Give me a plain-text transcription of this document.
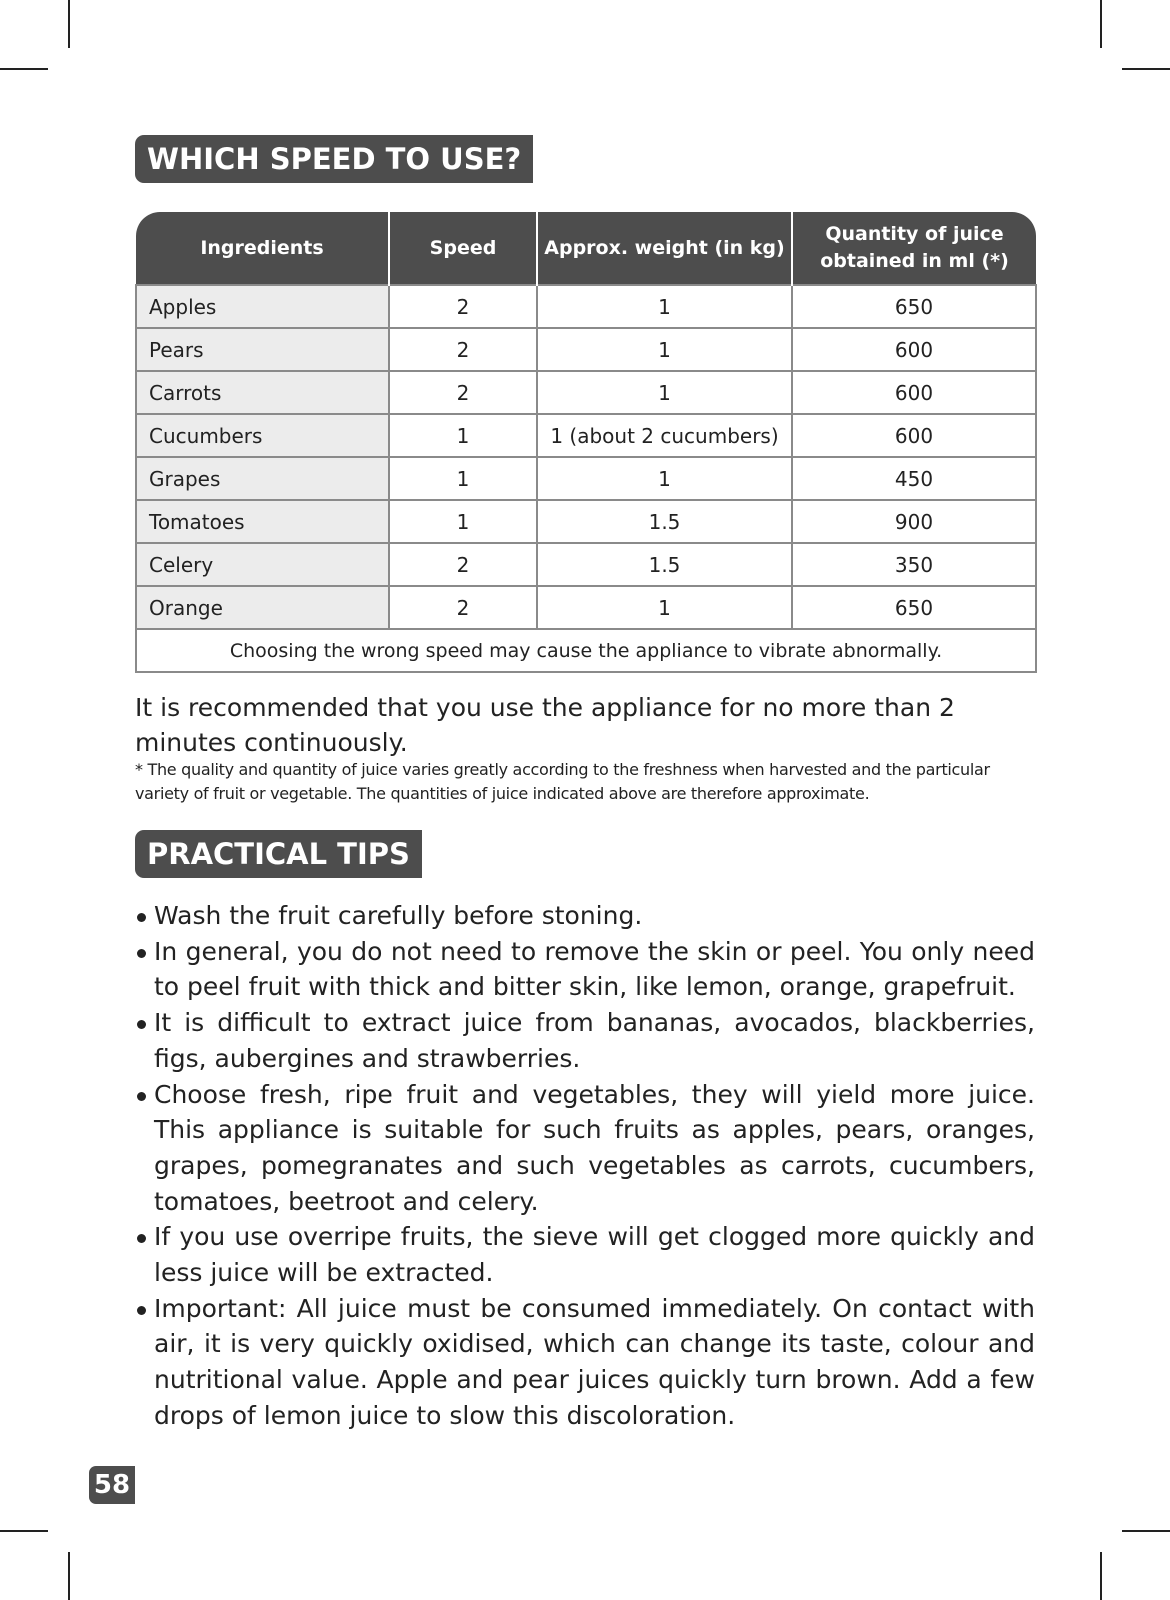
WHICH SPEED TO USE?
Ingredients	Speed	Approx. weight (in kg)	Quantity of juice obtained in ml (*)
Apples	2	1	650
Pears	2	1	600
Carrots	2	1	600
Cucumbers	1	1 (about 2 cucumbers)	600
Grapes	1	1	450
Tomatoes	1	1.5	900
Celery	2	1.5	350
Orange	2	1	650
Choosing the wrong speed may cause the appliance to vibrate abnormally.			
It is recommended that you use the appliance for no more than 2 minutes continuously.
* The quality and quantity of juice varies greatly according to the freshness when harvested and the particular variety of fruit or vegetable. The quantities of juice indicated above are therefore approximate.
PRACTICAL TIPS
Wash the fruit carefully before stoning.
In general, you do not need to remove the skin or peel. You only need to peel fruit with thick and bitter skin, like lemon, orange, grapefruit.
It is difficult to extract juice from bananas, avocados, blackberries, figs, aubergines and strawberries.
Choose fresh, ripe fruit and vegetables, they will yield more juice. This appliance is suitable for such fruits as apples, pears, oranges, grapes, pomegranates and such vegetables as carrots, cucumbers, tomatoes, beetroot and celery.
If you use overripe fruits, the sieve will get clogged more quickly and less juice will be extracted.
Important: All juice must be consumed immediately. On contact with air, it is very quickly oxidised, which can change its taste, colour and nutritional value. Apple and pear juices quickly turn brown. Add a few drops of lemon juice to slow this discoloration.
58
